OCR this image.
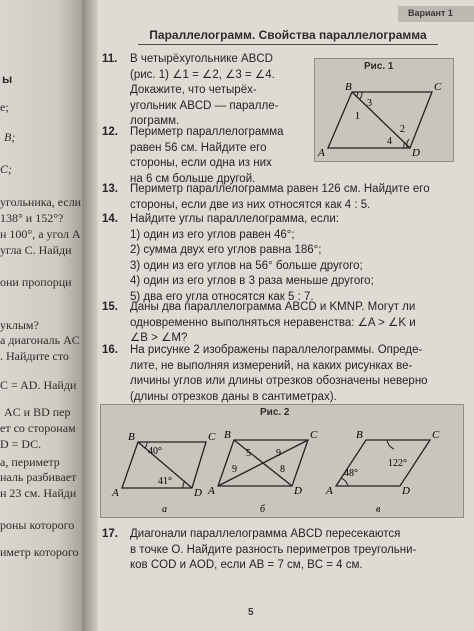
ы
e;
B;
C;
угольника, если
138° и 152°?
н 100°, а угол A
угла C. Найди
они пропорци
уклым?
а диагональ AC
. Найдите сто
C = AD. Найди
AC и BD пер
ет со сторонам
D = DC.
а, периметр
наль разбивает
н 23 см. Найди
роны которого
иметр которого
Вариант 1
Параллелограмм. Свойства параллелограмма
Рис. 1
B	C
A	D
1
2
3
4
11.	В четырёхугольнике ABCD
(рис. 1) ∠1 = ∠2, ∠3 = ∠4.
Докажите, что четырёх-
угольник ABCD — паралле-
лограмм.
12.	Периметр параллелограмма
равен 56 см. Найдите его
стороны, если одна из них
на 6 см больше другой.
13.	Периметр параллелограмма равен 126 см. Найдите его
стороны, если две из них относятся как 4 : 5.
14.	Найдите углы параллелограмма, если:
1) один из его углов равен 46°;
2) сумма двух его углов равна 186°;
3) один из его углов на 56° больше другого;
4) один из его углов в 3 раза меньше другого;
5) два его угла относятся как 5 : 7.
15.	Даны два параллелограмма ABCD и KMNP. Могут ли
одновременно выполняться неравенства: ∠A > ∠K и
∠B > ∠M?
16.	На рисунке 2 изображены параллелограммы. Опреде-
лите, не выполняя измерений, на каких рисунках ве-
личины углов или длины отрезков обозначены неверно
(длины отрезков даны в сантиметрах).
Рис. 2
B	C
A	D
40°
41°
а
B	C
A	D
5	9
9	8
б
B	C
A	D
48°
122°
в
17.	Диагонали параллелограмма ABCD пересекаются
в точке O. Найдите разность периметров треугольни-
ков COD и AOD, если AB = 7 см, BC = 4 см.
5
